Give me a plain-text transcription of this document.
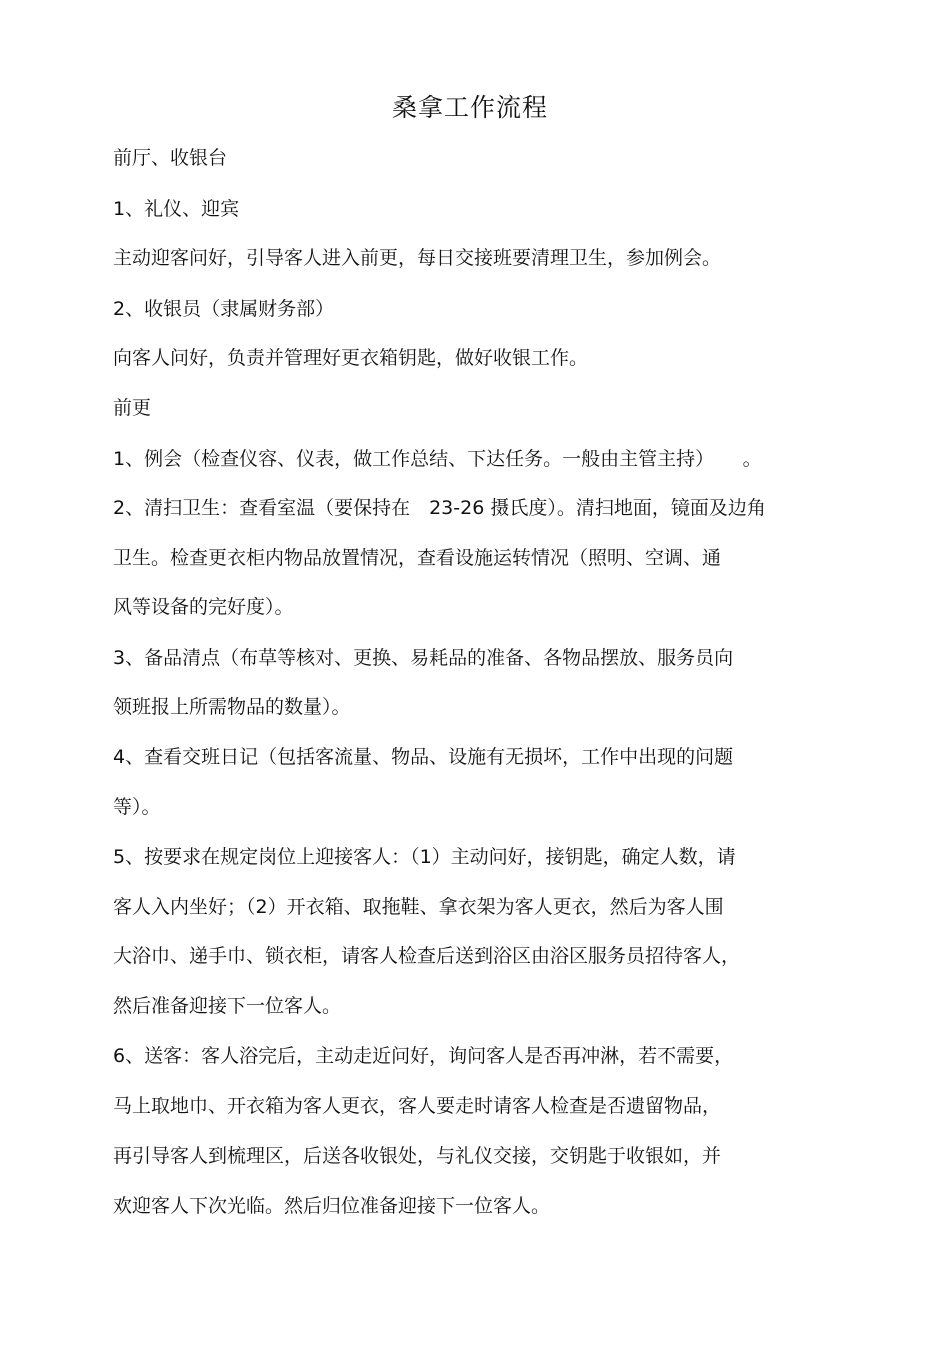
桑拿工作流程
前厅、收银台
1、礼仪、迎宾
主动迎客问好，引导客人进入前更，每日交接班要清理卫生，参加例会。
2、收银员（隶属财务部）
向客人问好，负责并管理好更衣箱钥匙，做好收银工作。
前更
1、例会（检查仪容、仪表，做工作总结、下达任务。一般由主管主持）　　。
2、清扫卫生：查看室温（要保持在　23-26 摄氏度）。清扫地面，镜面及边角
卫生。检查更衣柜内物品放置情况，查看设施运转情况（照明、空调、通
风等设备的完好度）。
3、备品清点（布草等核对、更换、易耗品的准备、各物品摆放、服务员向
领班报上所需物品的数量）。
4、查看交班日记（包括客流量、物品、设施有无损坏，工作中出现的问题
等）。
5、按要求在规定岗位上迎接客人：（1）主动问好，接钥匙，确定人数，请
客人入内坐好；（2）开衣箱、取拖鞋、拿衣架为客人更衣，然后为客人围
大浴巾、递手巾、锁衣柜，请客人检查后送到浴区由浴区服务员招待客人，
然后准备迎接下一位客人。
6、送客：客人浴完后，主动走近问好，询问客人是否再冲淋，若不需要，
马上取地巾、开衣箱为客人更衣，客人要走时请客人检查是否遗留物品，
再引导客人到梳理区，后送各收银处，与礼仪交接，交钥匙于收银如，并
欢迎客人下次光临。然后归位准备迎接下一位客人。
